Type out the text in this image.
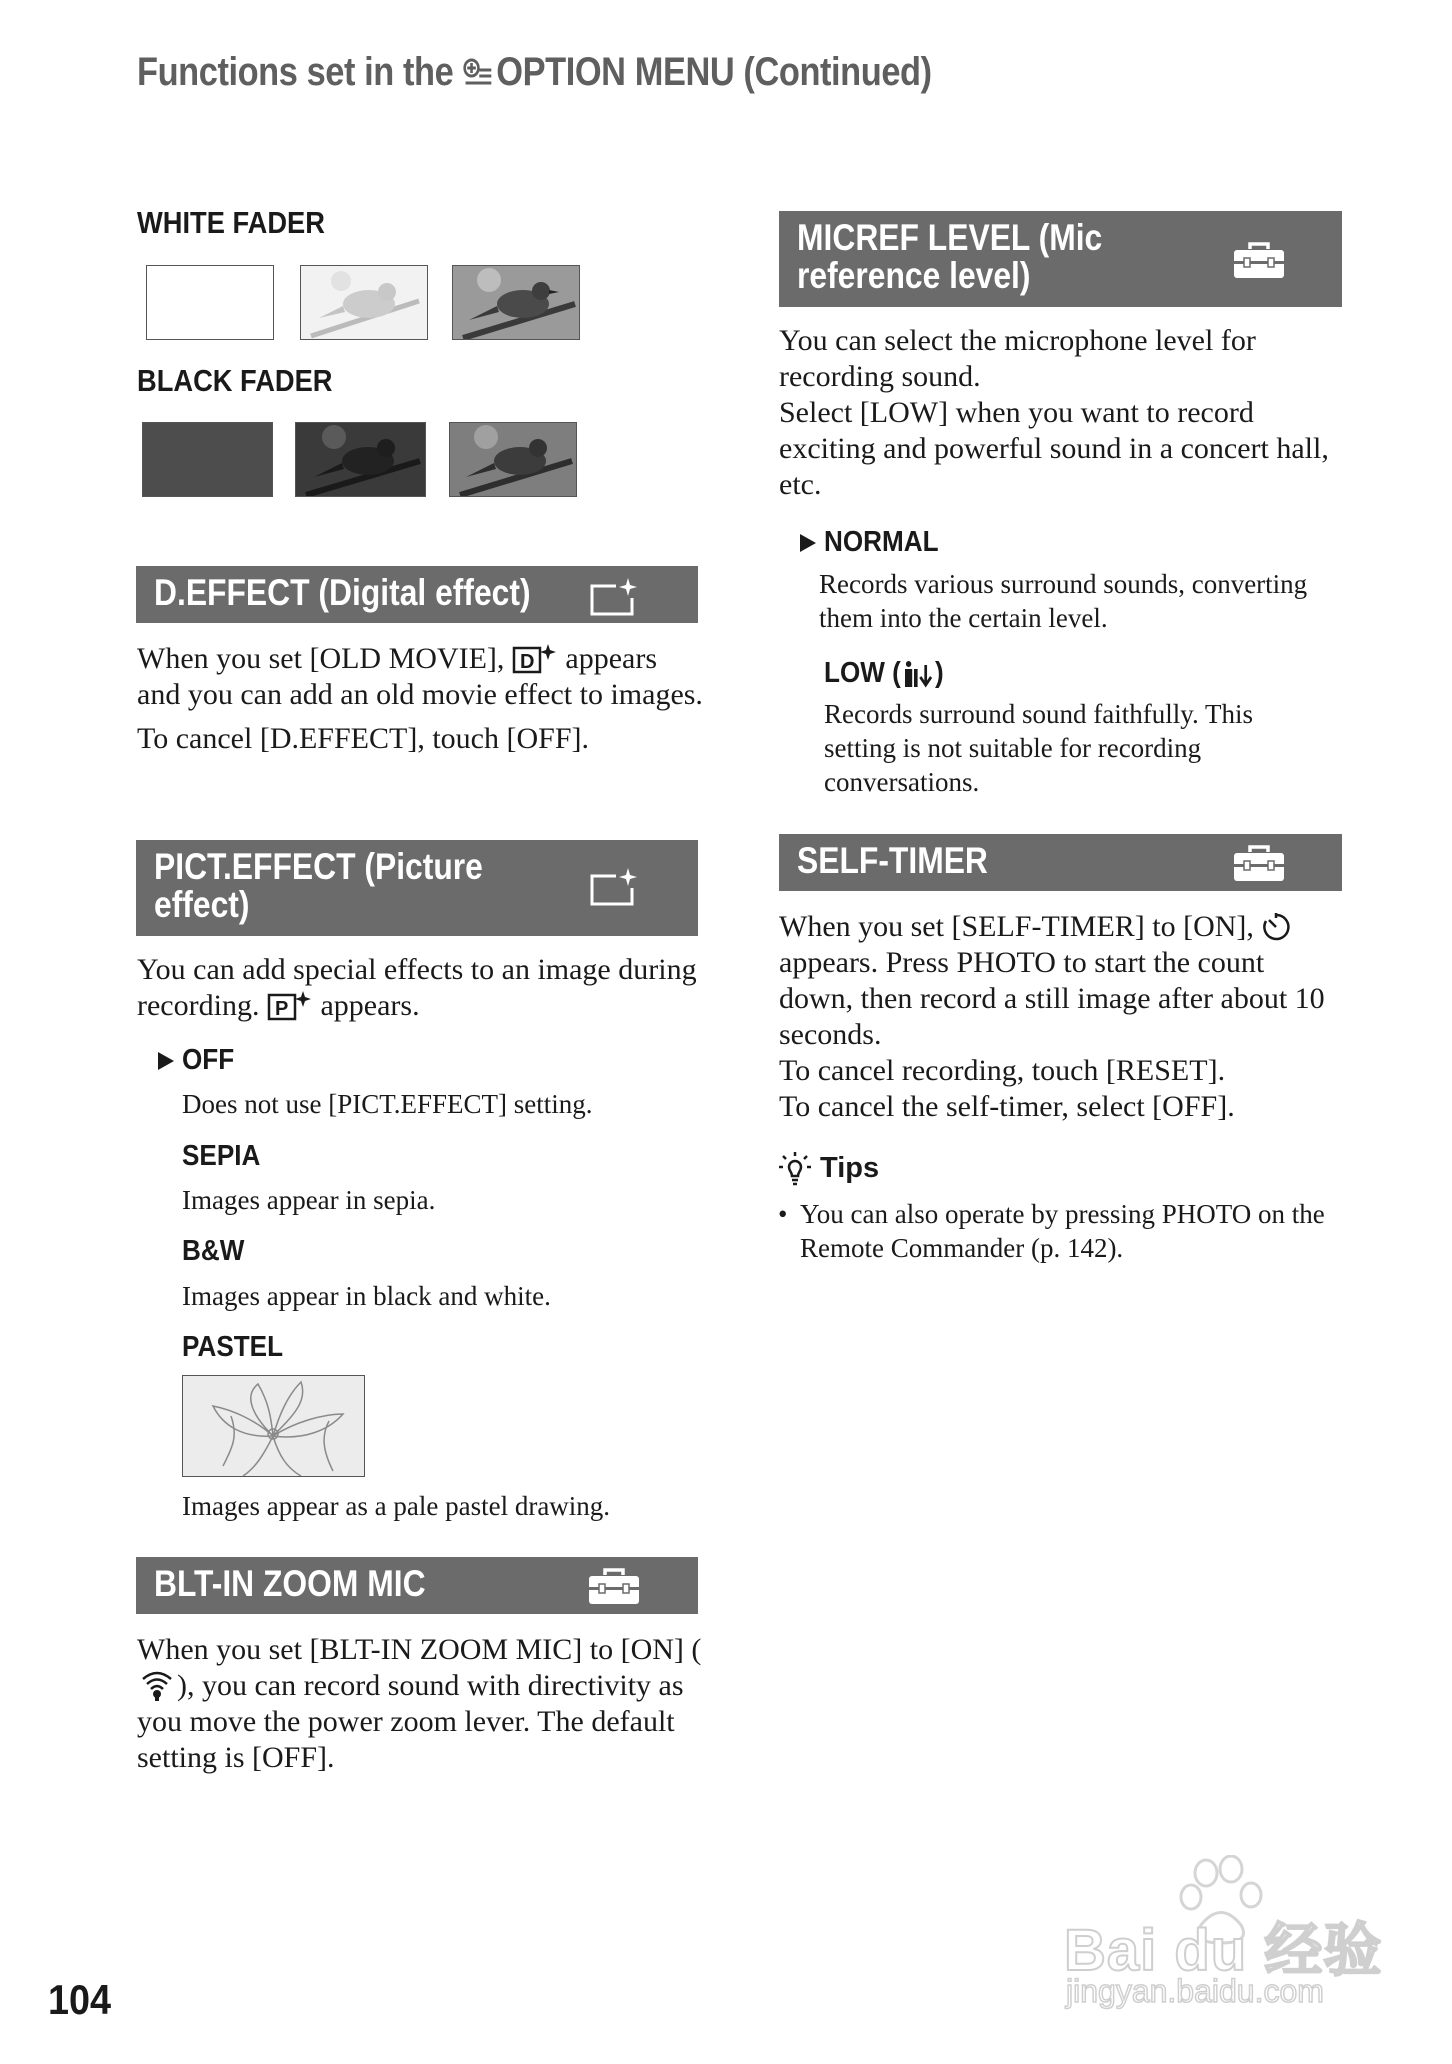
Functions set in the OPTION MENU (Continued)
WHITE FADER
BLACK FADER
D.EFFECT (Digital effect)

When you set [OLD MOVIE], D appears and you can add an old movie effect to images.

To cancel [D.EFFECT], touch [OFF].

PICT.EFFECT (Picture
effect)

You can add special effects to an image during recording. P appears.

OFF
Does not use [PICT.EFFECT] setting.
SEPIA
Images appear in sepia.
B&W
Images appear in black and white.
PASTEL
Images appear as a pale pastel drawing.
BLT-IN ZOOM MIC

When you set [BLT-IN ZOOM MIC] to [ON] (), you can record sound with directivity as you move the power zoom lever. The default setting is [OFF].

MICREF LEVEL (Mic
reference level)

You can select the microphone level for recording sound.

Select [LOW] when you want to record exciting and powerful sound in a concert hall, etc.

NORMAL
Records various surround sounds, converting them into the certain level.
LOW ( )
Records surround sound faithfully. This setting is not suitable for recording conversations.
SELF-TIMER

When you set [SELF-TIMER] to [ON],  appears. Press PHOTO to start the count down, then record a still image after about 10 seconds.

To cancel recording, touch [RESET].

To cancel the self-timer, select [OFF].

Tips
• You can also operate by pressing PHOTO on the Remote Commander (p. 142).
104
Bai du 经验
jingyan.baidu.com
